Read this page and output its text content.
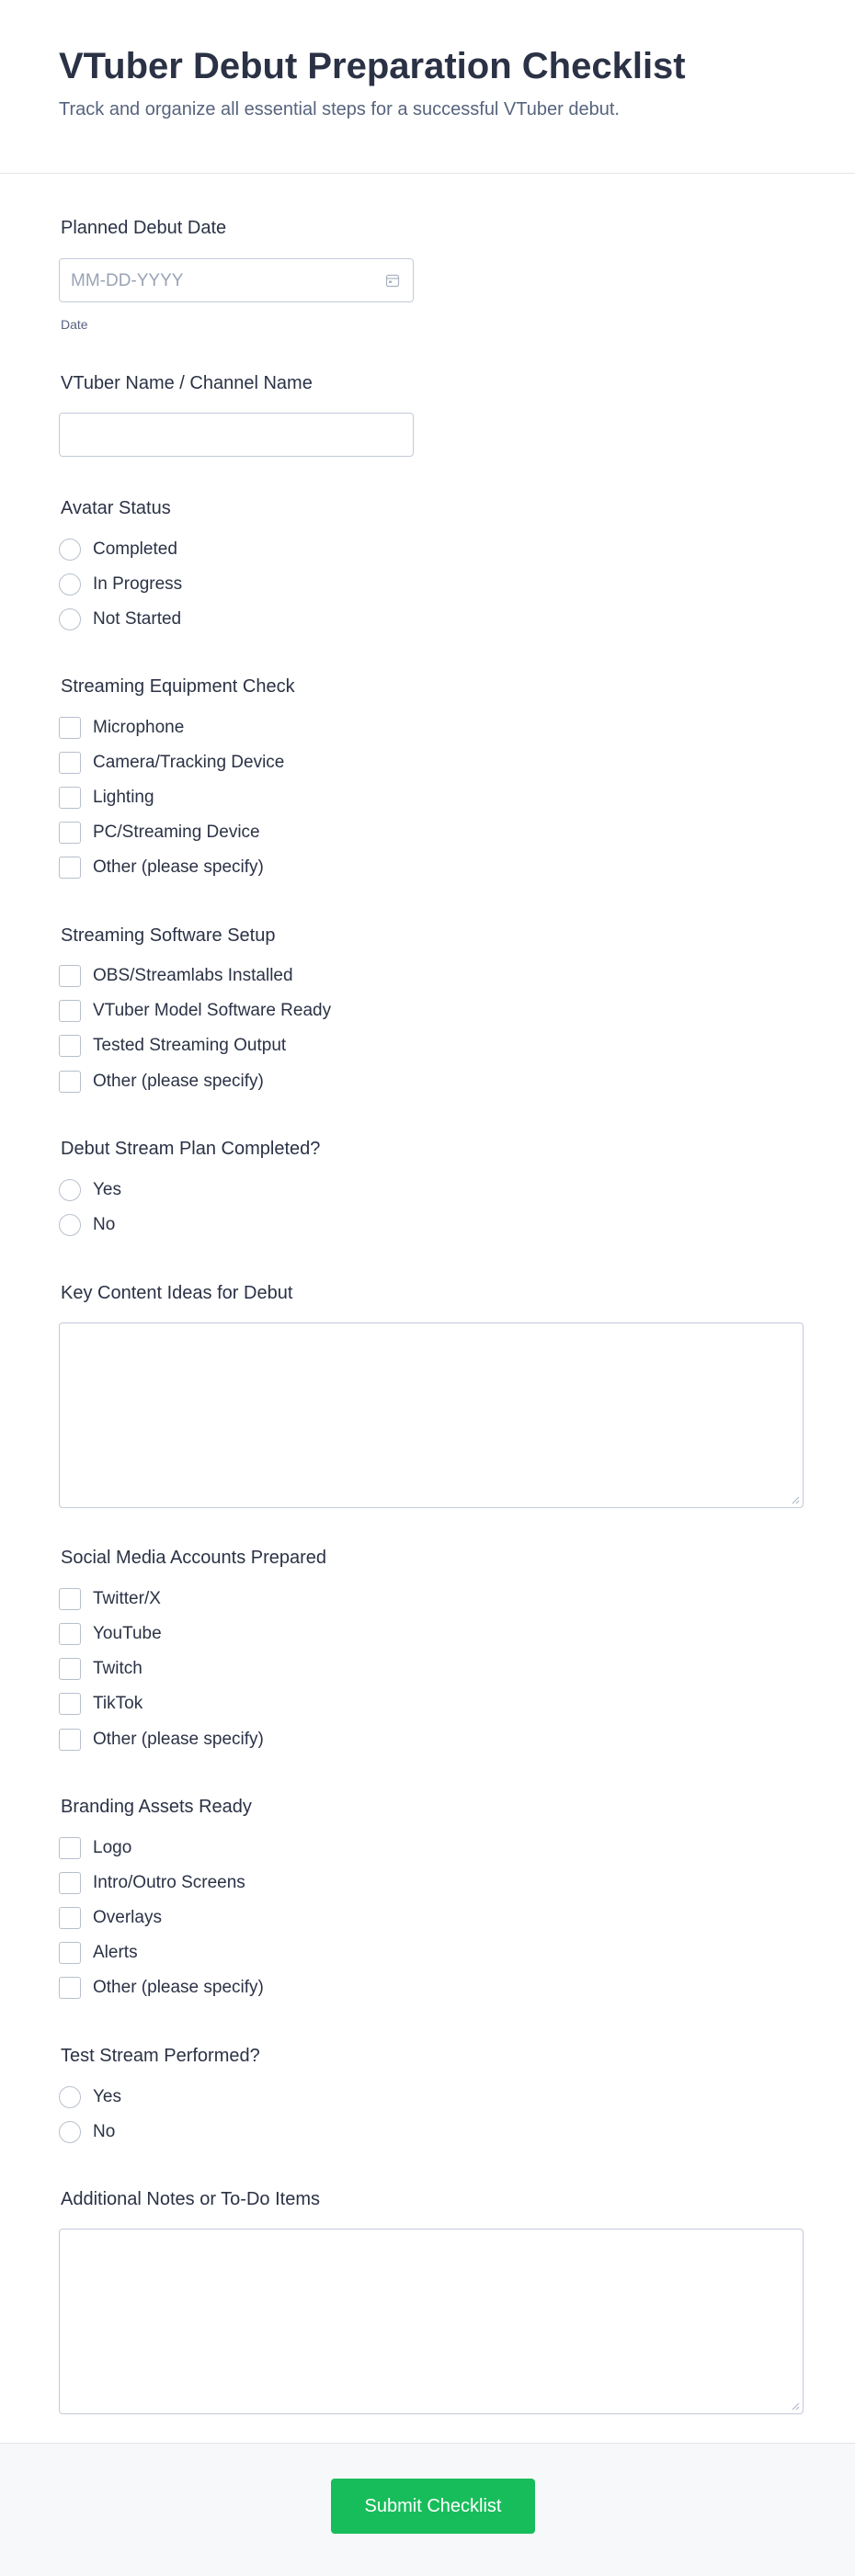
VTuber Debut Preparation Checklist
Track and organize all essential steps for a successful VTuber debut.
Planned Debut Date
MM-DD-YYYY
Date
VTuber Name / Channel Name
Avatar Status
Completed
In Progress
Not Started
Streaming Equipment Check
Microphone
Camera/Tracking Device
Lighting
PC/Streaming Device
Other (please specify)
Streaming Software Setup
OBS/Streamlabs Installed
VTuber Model Software Ready
Tested Streaming Output
Other (please specify)
Debut Stream Plan Completed?
Yes
No
Key Content Ideas for Debut
Social Media Accounts Prepared
Twitter/X
YouTube
Twitch
TikTok
Other (please specify)
Branding Assets Ready
Logo
Intro/Outro Screens
Overlays
Alerts
Other (please specify)
Test Stream Performed?
Yes
No
Additional Notes or To-Do Items
Submit Checklist
